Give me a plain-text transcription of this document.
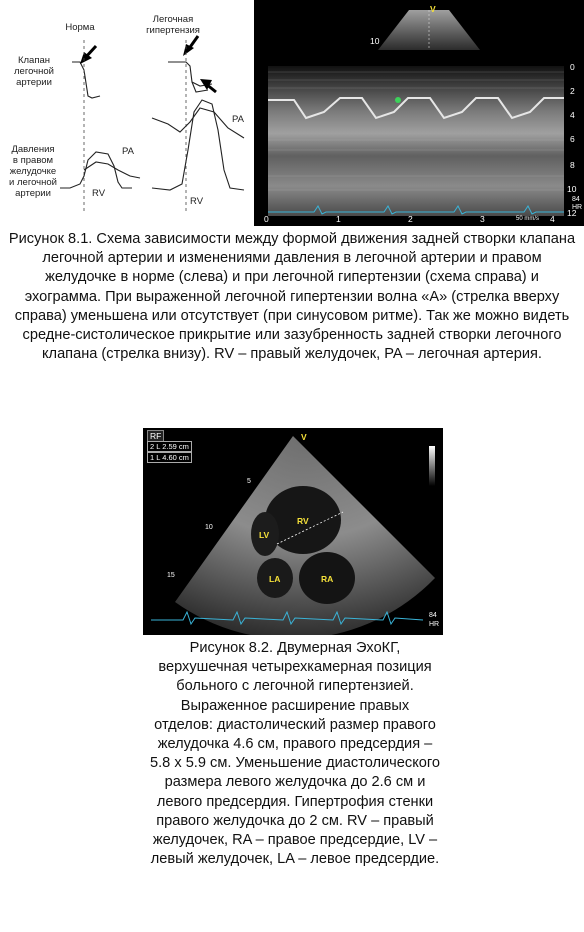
Норма
Легочная
гипертензия
Клапан
легочной
артерии
Давления
в правом
желудочке
и легочной
артерии
PA
RV
PA
RV
V
10
0
2
4
6
8
10
12
0	1	2	3	4
50 mm/s
84
HR
Рисунок 8.1. Схема зависимости между формой движения задней створки клапана легочной артерии и изменениями давления в легочной артерии и правом желудочке в норме (слева) и при легочной гипертензии (схема справа) и эхограмма. При выраженной легочной гипертензии волна «А» (стрелка вверху справа) уменьшена или отсутствует (при синусовом ритме). Так же можно видеть средне-систолическое прикрытие или зазубренность задней створки легочного клапана (стрелка внизу). RV – правый желудочек, PA – легочная артерия.
RF
2 L 2.59 cm
1 L 4.60 cm
V
5
10
15
RV
LV
LA	RA
84
HR
Рисунок 8.2. Двумерная ЭхоКГ, верхушечная четырехкамерная позиция больного с легочной гипертензией. Выраженное расширение правых отделов: диастолический размер правого желудочка 4.6 см, правого предсердия – 5.8 х 5.9 см. Уменьшение диастолического размера левого желудочка до 2.6 см и левого предсердия. Гипертрофия стенки правого желудочка до 2 см. RV – правый желудочек, RA – правое предсердие, LV – левый желудочек, LA – левое предсердие.
